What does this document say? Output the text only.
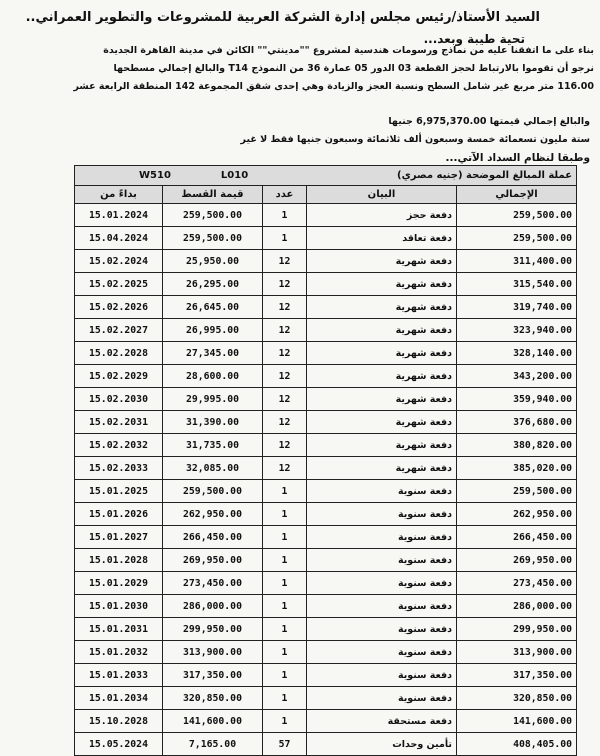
السيد الأستاذ/رئيس مجلس إدارة الشركة العربية للمشروعات والتطوير العمراني..
تحية طيبة وبعد...
بناء على ما اتفقنا عليه من نماذج ورسومات هندسية لمشروع ""مدينتي"" الكائن في مدينة القاهرة الجديدة
نرجو أن تقوموا بالارتباط لحجز القطعة 03 الدور 05 عمارة 36 من النموذج T14 والبالغ إجمالي مسطحها
116.00 متر مربع غير شامل السطح ونسبة العجز والزيادة وهي إحدى شقق المجموعة 142 المنطقة الرابعة عشر
والبالغ إجمالي قيمتها 6,975,370.00 جنيها
ستة مليون تسعمائة خمسة وسبعون ألف ثلاثمائة وسبعون جنيها فقط لا غير
وطبقا لنظام السداد الآتي...
W510 L010 عملة المبالغ الموضحة (جنيه مصري)				

بداءً من	قيمة القسط	عدد	البيان	الإجمالي
15.01.2024	259,500.00	1	دفعة حجز	259,500.00
15.04.2024	259,500.00	1	دفعة تعاقد	259,500.00
15.02.2024	25,950.00	12	دفعة شهرية	311,400.00
15.02.2025	26,295.00	12	دفعة شهرية	315,540.00
15.02.2026	26,645.00	12	دفعة شهرية	319,740.00
15.02.2027	26,995.00	12	دفعة شهرية	323,940.00
15.02.2028	27,345.00	12	دفعة شهرية	328,140.00
15.02.2029	28,600.00	12	دفعة شهرية	343,200.00
15.02.2030	29,995.00	12	دفعة شهرية	359,940.00
15.02.2031	31,390.00	12	دفعة شهرية	376,680.00
15.02.2032	31,735.00	12	دفعة شهرية	380,820.00
15.02.2033	32,085.00	12	دفعة شهرية	385,020.00
15.01.2025	259,500.00	1	دفعة سنوية	259,500.00
15.01.2026	262,950.00	1	دفعة سنوية	262,950.00
15.01.2027	266,450.00	1	دفعة سنوية	266,450.00
15.01.2028	269,950.00	1	دفعة سنوية	269,950.00
15.01.2029	273,450.00	1	دفعة سنوية	273,450.00
15.01.2030	286,000.00	1	دفعة سنوية	286,000.00
15.01.2031	299,950.00	1	دفعة سنوية	299,950.00
15.01.2032	313,900.00	1	دفعة سنوية	313,900.00
15.01.2033	317,350.00	1	دفعة سنوية	317,350.00
15.01.2034	320,850.00	1	دفعة سنوية	320,850.00
15.10.2028	141,600.00	1	دفعة مستحقة	141,600.00
15.05.2024	7,165.00	57	تأمين وحدات	408,405.00
